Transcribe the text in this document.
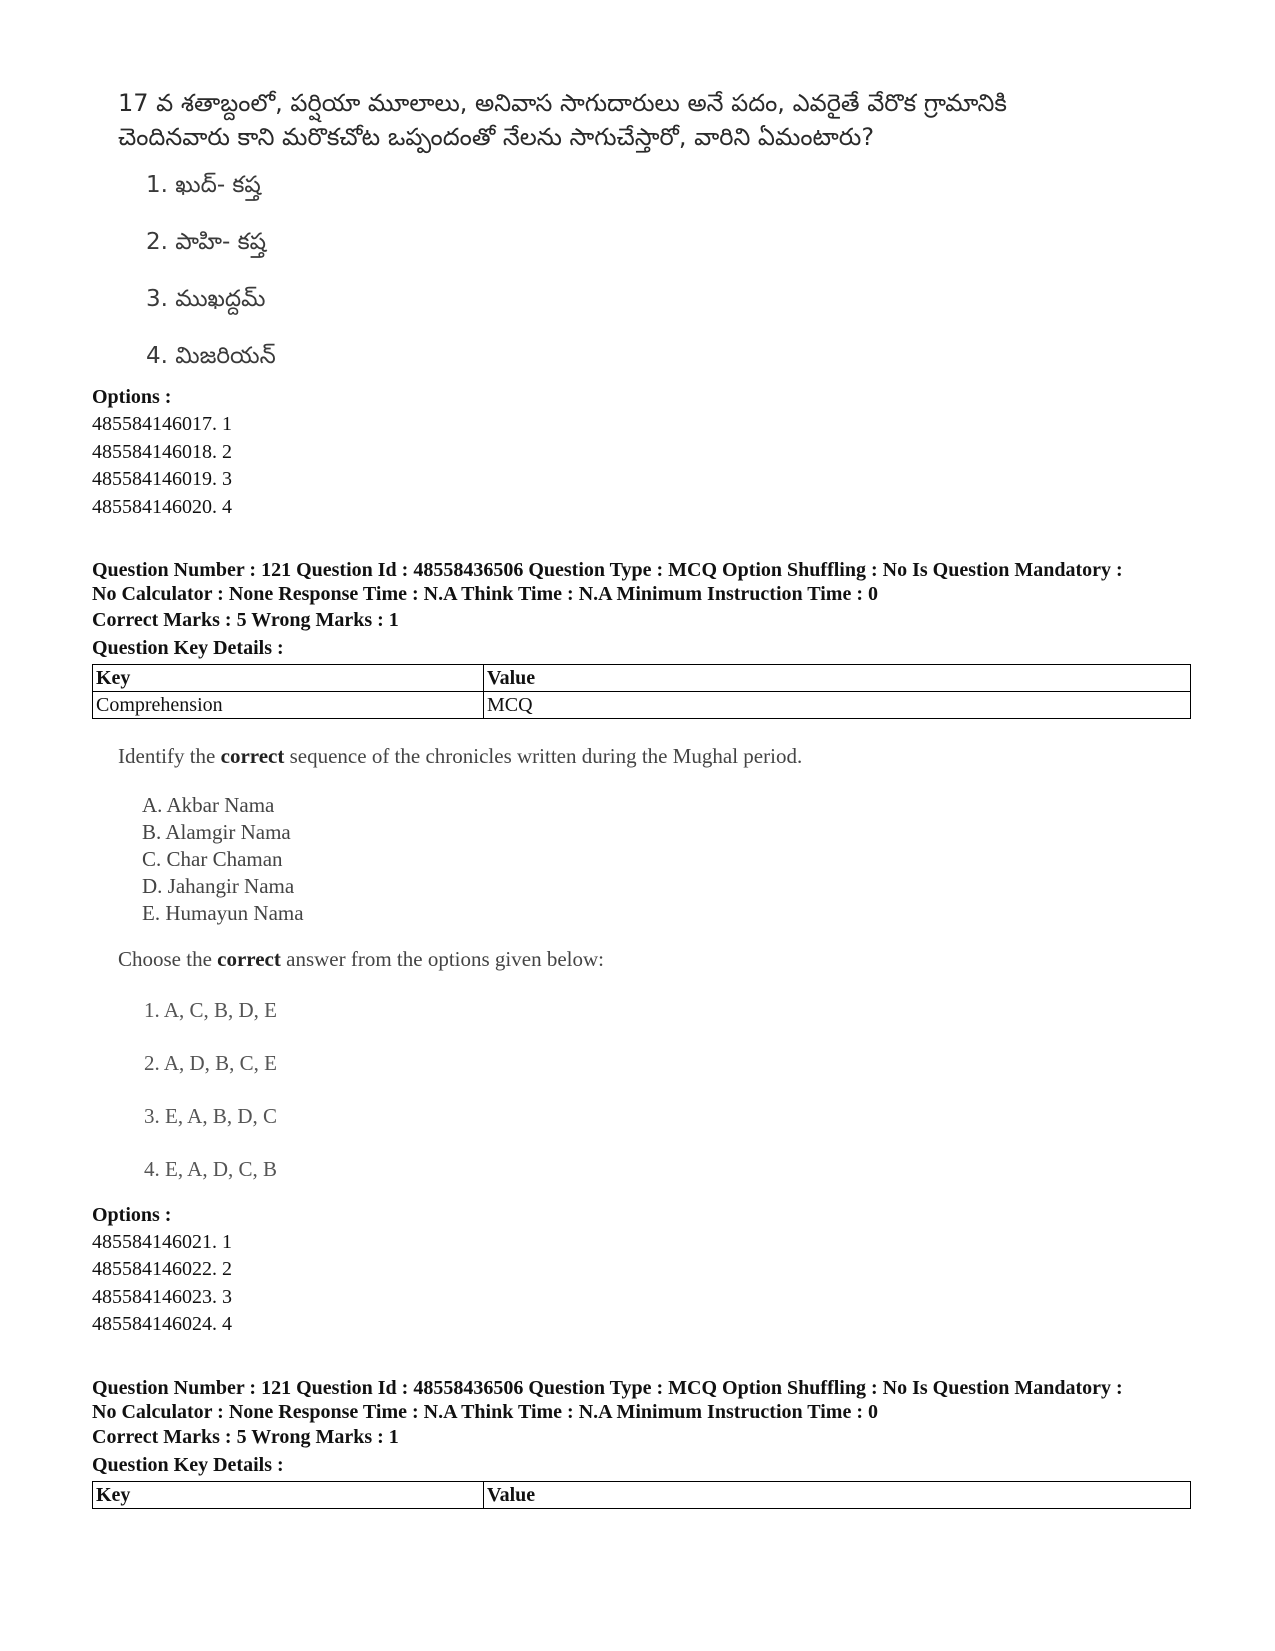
17 వ శతాబ్దంలో, పర్షియా మూలాలు, అనివాస సాగుదారులు అనే పదం, ఎవరైతే వేరొక గ్రామానికి చెందినవారు కాని మరొకచోట ఒప్పందంతో నేలను సాగుచేస్తారో, వారిని ఏమంటారు?
1. ఖుద్- కష్త
2. పాహి- కష్త
3. ముఖద్దమ్
4. మిజరియన్
Options :
485584146017. 1
485584146018. 2
485584146019. 3
485584146020. 4
Question Number : 121 Question Id : 48558436506 Question Type : MCQ Option Shuffling : No Is Question Mandatory :
No Calculator : None Response Time : N.A Think Time : N.A Minimum Instruction Time : 0
Correct Marks : 5 Wrong Marks : 1
Question Key Details :
Key	Value
Comprehension	MCQ
Identify the correct sequence of the chronicles written during the Mughal period.
A. Akbar Nama
B. Alamgir Nama
C. Char Chaman
D. Jahangir Nama
E. Humayun Nama
Choose the correct answer from the options given below:
1. A, C, B, D, E
2. A, D, B, C, E
3. E, A, B, D, C
4. E, A, D, C, B
Options :
485584146021. 1
485584146022. 2
485584146023. 3
485584146024. 4
Question Number : 121 Question Id : 48558436506 Question Type : MCQ Option Shuffling : No Is Question Mandatory :
No Calculator : None Response Time : N.A Think Time : N.A Minimum Instruction Time : 0
Correct Marks : 5 Wrong Marks : 1
Question Key Details :
Key	Value
